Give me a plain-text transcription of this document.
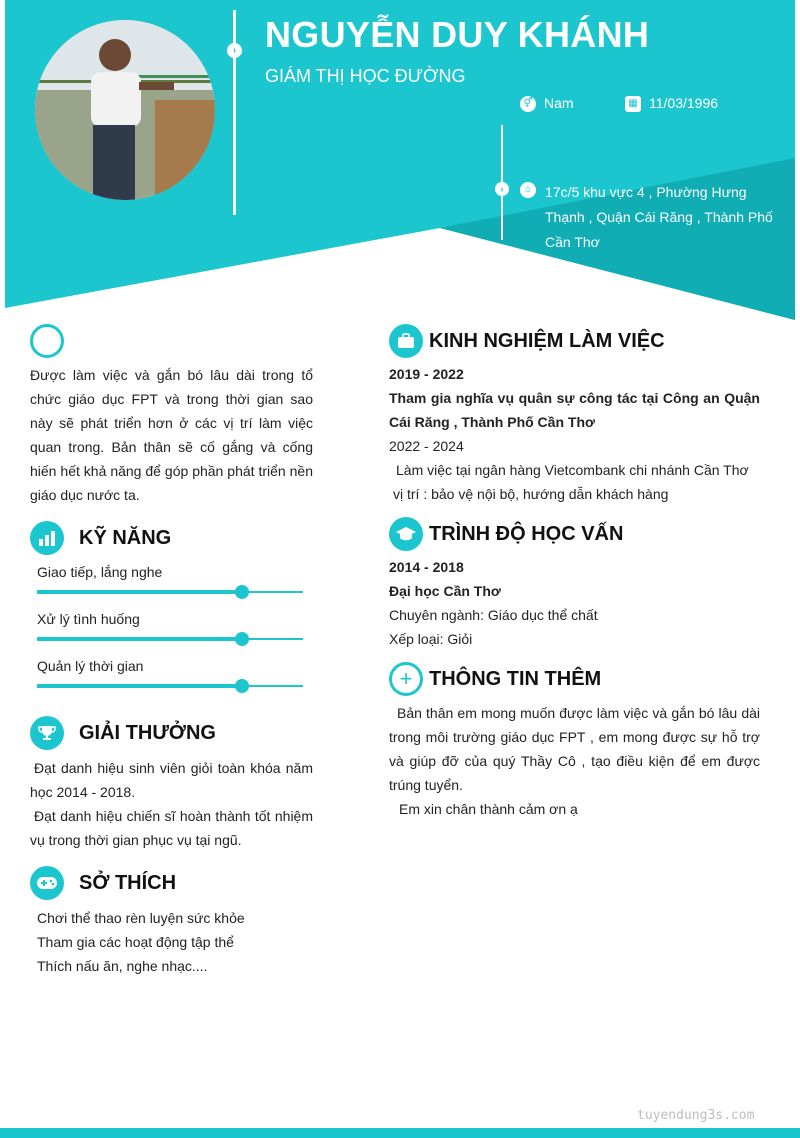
› NGUYỄN DUY KHÁNH
GIÁM THỊ HỌC ĐƯỜNG
⚥ Nam	▦ 11/03/1996
›	⌂ 17c/5 khu vực 4 , Phường Hưng Thạnh , Quận Cái Răng , Thành Phố Cần Thơ
Được làm việc và gắn bó lâu dài trong tổ chức giáo dục FPT và trong thời gian sao này sẽ phát triển hơn ở các vị trí làm việc quan trong. Bản thân sẽ cố gắng và cống hiến hết khả năng để góp phần phát triển nền giáo dục nước ta.
KỸ NĂNG
Giao tiếp, lắng nghe
Xử lý tình huống
Quản lý thời gian
GIẢI THƯỞNG
Đạt danh hiệu sinh viên giỏi toàn khóa năm học 2014 - 2018.
Đạt danh hiệu chiến sĩ hoàn thành tốt nhiệm vụ trong thời gian phục vụ tại ngũ.
SỞ THÍCH
Chơi thể thao rèn luyện sức khỏe
Tham gia các hoạt động tập thể
Thích nấu ăn, nghe nhạc....
KINH NGHIỆM LÀM VIỆC
2019 - 2022
Tham gia nghĩa vụ quân sự công tác tại Công an Quận Cái Răng , Thành Phố Cần Thơ
2022 - 2024
Làm việc tại ngân hàng Vietcombank chi nhánh Cần Thơ
vị trí : bảo vệ nội bộ, hướng dẫn khách hàng
TRÌNH ĐỘ HỌC VẤN
2014 - 2018
Đại học Cần Thơ
Chuyên ngành: Giáo dục thể chất
Xếp loại: Giỏi
+ THÔNG TIN THÊM
Bản thân em mong muốn được làm việc và gắn bó lâu dài trong môi trường giáo dục FPT , em mong được sự hỗ trợ và giúp đỡ của quý Thầy Cô , tạo điều kiện để em được trúng tuyển.
Em xin chân thành cảm ơn ạ
tuyendung3s.com
